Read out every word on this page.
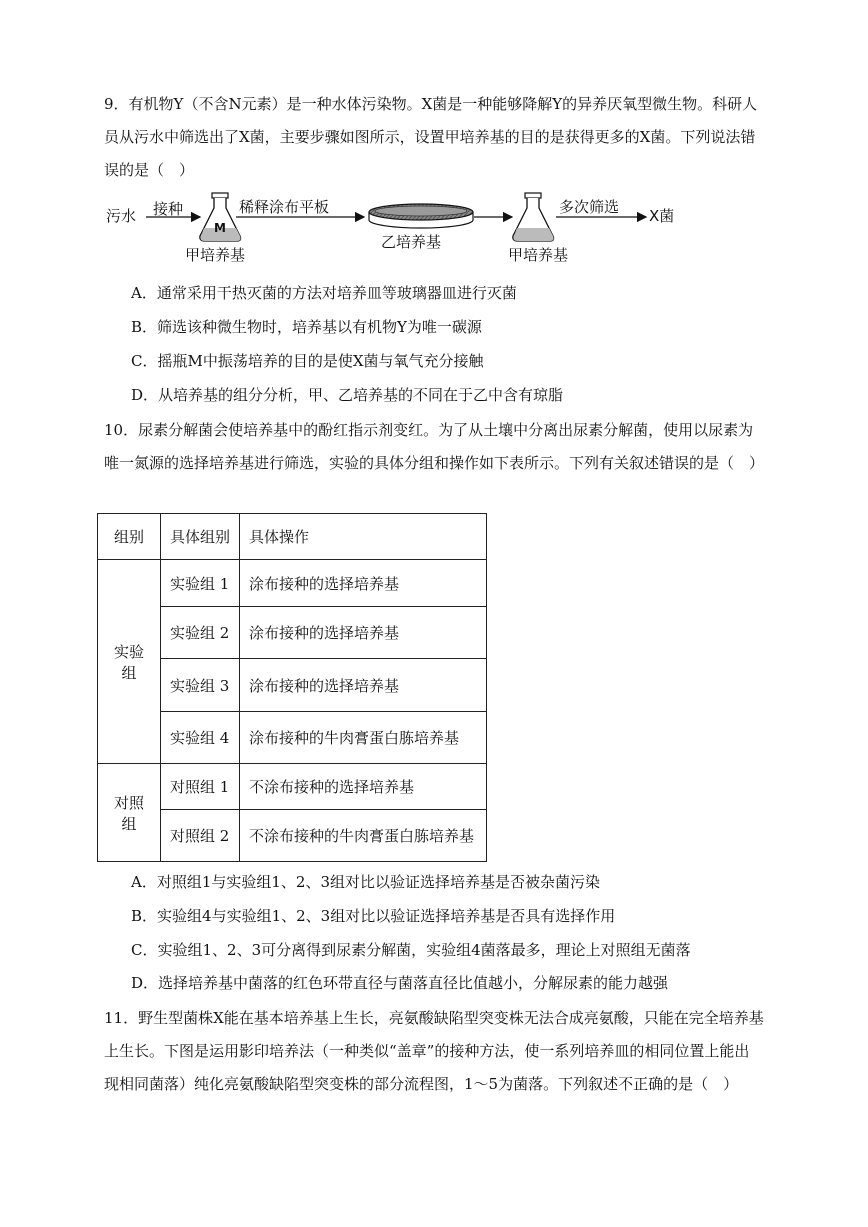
9．有机物Y（不含N元素）是一种水体污染物。X菌是一种能够降解Y的异养厌氧型微生物。科研人员从污水中筛选出了X菌，主要步骤如图所示，设置甲培养基的目的是获得更多的X菌。下列说法错误的是（　）
污水 接种	稀释涂布平板	多次筛选 X菌
甲培养基
乙培养基
甲培养基
M
A．通常采用干热灭菌的方法对培养皿等玻璃器皿进行灭菌
B．筛选该种微生物时，培养基以有机物Y为唯一碳源
C．摇瓶M中振荡培养的目的是使X菌与氧气充分接触
D．从培养基的组分分析，甲、乙培养基的不同在于乙中含有琼脂
10．尿素分解菌会使培养基中的酚红指示剂变红。为了从土壤中分离出尿素分解菌，使用以尿素为唯一氮源的选择培养基进行筛选，实验的具体分组和操作如下表所示。下列有关叙述错误的是（　）
组别	具体组别	具体操作
实验组	实验组 1	涂布接种的选择培养基
	实验组 2	涂布接种的选择培养基
	实验组 3	涂布接种的选择培养基
	实验组 4	涂布接种的牛肉膏蛋白胨培养基
对照组	对照组 1	不涂布接种的选择培养基
	对照组 2	不涂布接种的牛肉膏蛋白胨培养基
A．对照组1与实验组1、2、3组对比以验证选择培养基是否被杂菌污染
B．实验组4与实验组1、2、3组对比以验证选择培养基是否具有选择作用
C．实验组1、2、3可分离得到尿素分解菌，实验组4菌落最多，理论上对照组无菌落
D．选择培养基中菌落的红色环带直径与菌落直径比值越小，分解尿素的能力越强
11．野生型菌株X能在基本培养基上生长，亮氨酸缺陷型突变株无法合成亮氨酸，只能在完全培养基上生长。下图是运用影印培养法（一种类似“盖章”的接种方法，使一系列培养皿的相同位置上能出现相同菌落）纯化亮氨酸缺陷型突变株的部分流程图，1～5为菌落。下列叙述不正确的是（　）
